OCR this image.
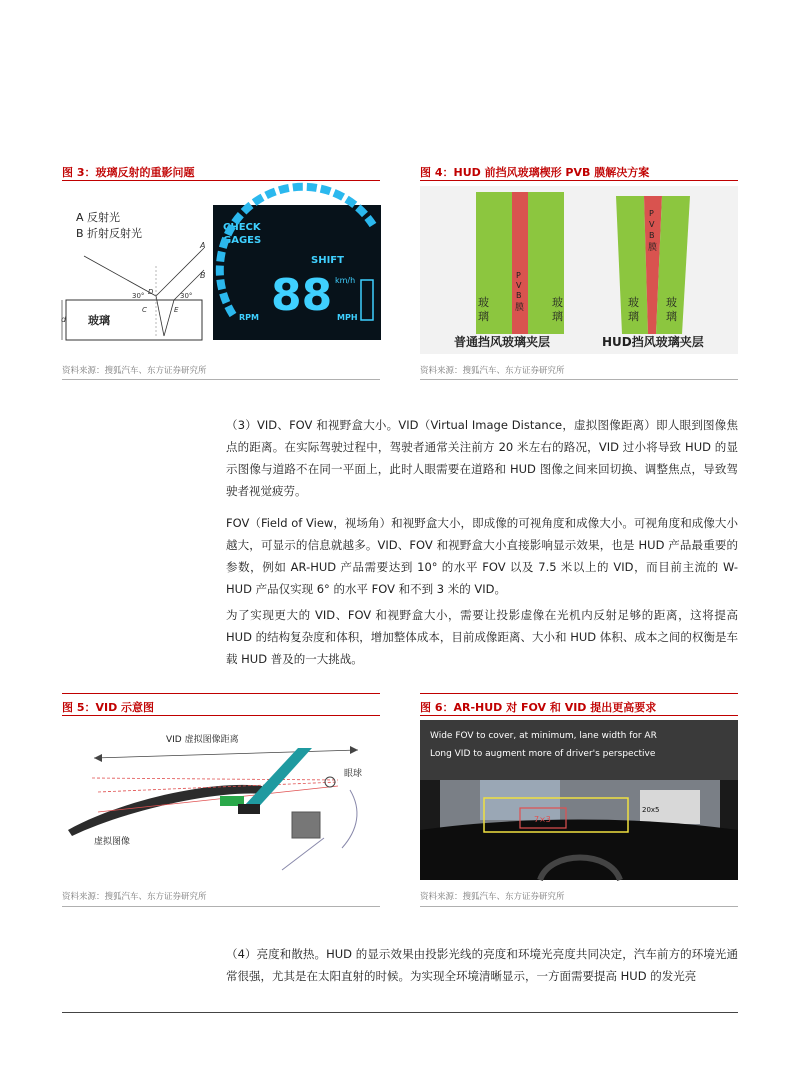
图 3：玻璃反射的重影问题
A 反射光
B 折射反射光
玻璃
d
30°	30°
A
B
D
C	E
CHECK
GAGES
SHIFT
88 km/h
RPM	MPH
资料来源：搜狐汽车、东方证券研究所
图 4：HUD 前挡风玻璃楔形 PVB 膜解决方案
玻
璃
玻
璃
P
V
B
膜
普通挡风玻璃夹层
玻
璃
玻
璃
P
V
B
膜
HUD挡风玻璃夹层
资料来源：搜狐汽车、东方证券研究所

（3）VID、FOV 和视野盒大小。VID（Virtual Image Distance，虚拟图像距离）即人眼到图像焦点的距离。在实际驾驶过程中，驾驶者通常关注前方 20 米左右的路况，VID 过小将导致 HUD 的显示图像与道路不在同一平面上，此时人眼需要在道路和 HUD 图像之间来回切换、调整焦点，导致驾驶者视觉疲劳。

FOV（Field of View，视场角）和视野盒大小，即成像的可视角度和成像大小。可视角度和成像大小越大，可显示的信息就越多。VID、FOV 和视野盒大小直接影响显示效果，也是 HUD 产品最重要的参数，例如 AR-HUD 产品需要达到 10° 的水平 FOV 以及 7.5 米以上的 VID，而目前主流的 W-HUD 产品仅实现 6° 的水平 FOV 和不到 3 米的 VID。

为了实现更大的 VID、FOV 和视野盒大小，需要让投影虚像在光机内反射足够的距离，这将提高 HUD 的结构复杂度和体积，增加整体成本，目前成像距离、大小和 HUD 体积、成本之间的权衡是车载 HUD 普及的一大挑战。

图 5：VID 示意图
VID 虚拟图像距离
眼球
虚拟图像
资料来源：搜狐汽车、东方证券研究所
图 6：AR-HUD 对 FOV 和 VID 提出更高要求
7×3
20x5
Wide FOV to cover, at minimum, lane width for AR
Long VID to augment more of driver's perspective
资料来源：搜狐汽车、东方证券研究所

（4）亮度和散热。HUD 的显示效果由投影光线的亮度和环境光亮度共同决定，汽车前方的环境光通常很强，尤其是在太阳直射的时候。为实现全环境清晰显示，一方面需要提高 HUD 的发光亮
